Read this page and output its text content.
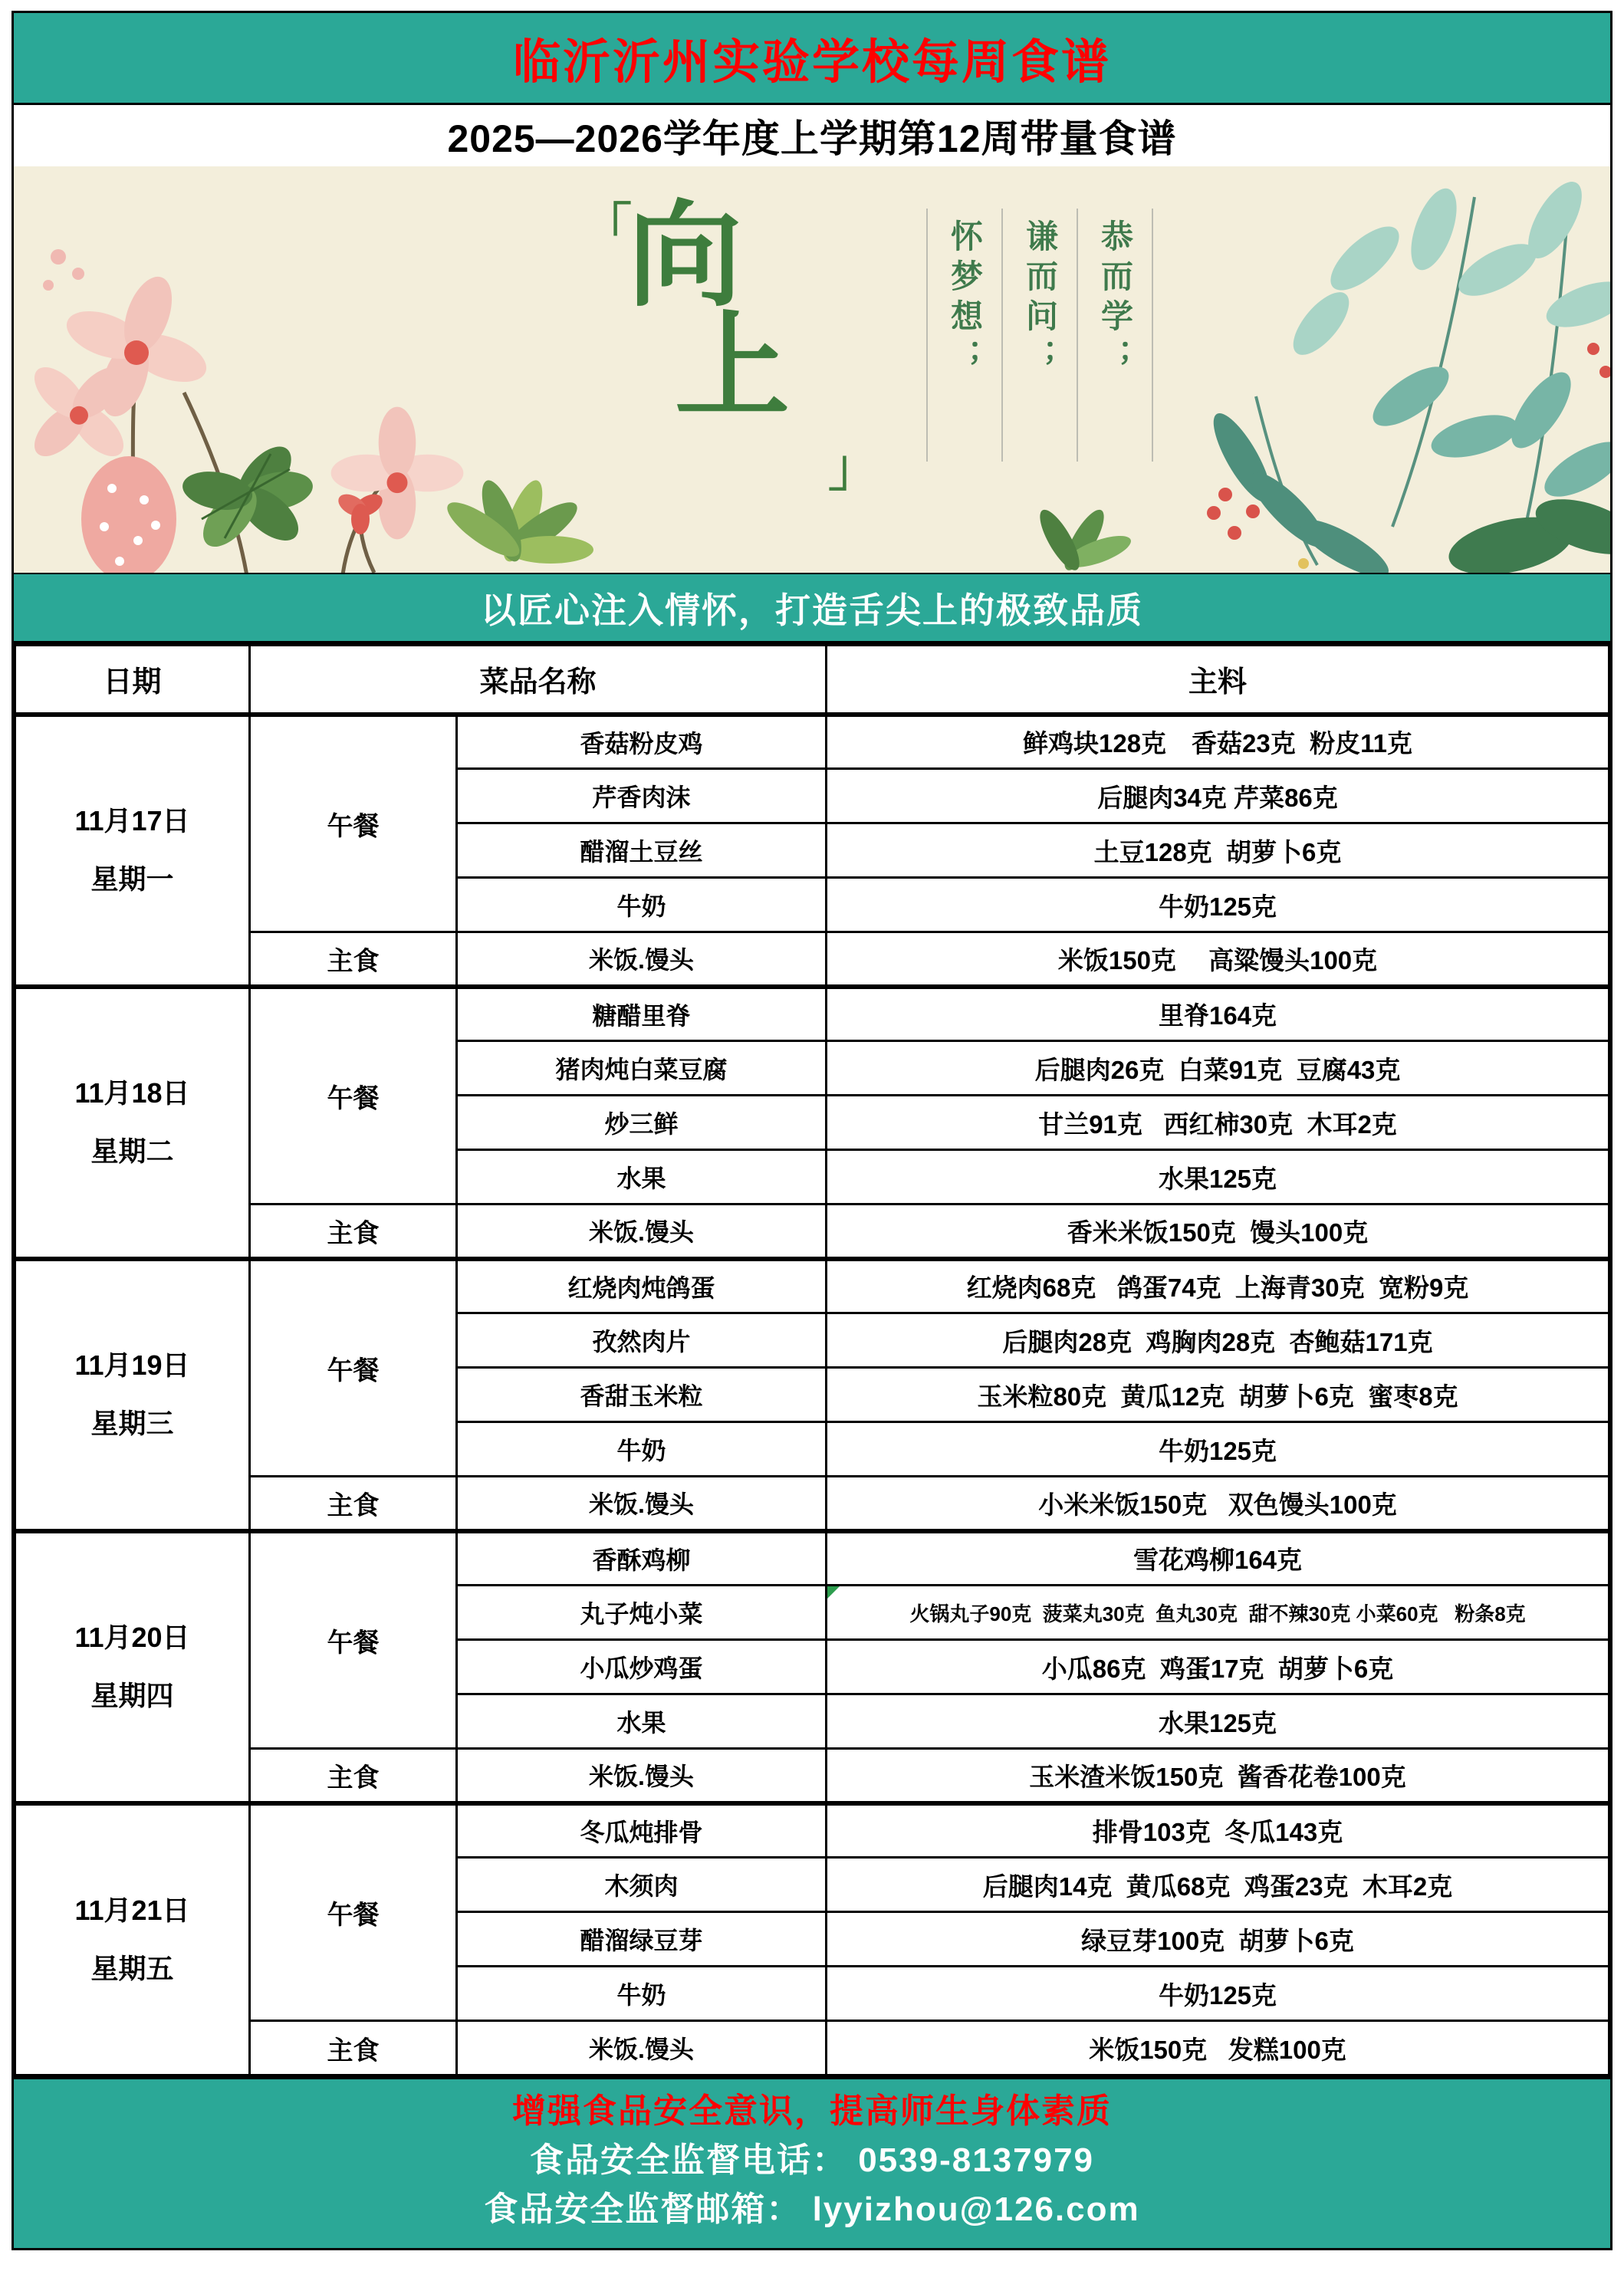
临沂沂州实验学校每周食谱
2025—2026学年度上学期第12周带量食谱
「
向
上
」
怀梦想；	谦而问；	恭而学；
以匠心注入情怀，打造舌尖上的极致品质
日期	菜品名称		主料

11月17日
星期一	午餐	香菇粉皮鸡	鲜鸡块128克　香菇23克  粉皮11克
		芹香肉沫	后腿肉34克 芹菜86克
		醋溜土豆丝	土豆128克  胡萝卜6克
		牛奶	牛奶125克
	主食	米饭.馒头	米饭150克　 高粱馒头100克

11月18日
星期二	午餐	糖醋里脊	里脊164克
		猪肉炖白菜豆腐	后腿肉26克  白菜91克  豆腐43克
		炒三鲜	甘兰91克   西红柿30克  木耳2克
		水果	水果125克
	主食	米饭.馒头	香米米饭150克  馒头100克

11月19日
星期三	午餐	红烧肉炖鸽蛋	红烧肉68克   鸽蛋74克  上海青30克  宽粉9克
		孜然肉片	后腿肉28克  鸡胸肉28克  杏鲍菇171克
		香甜玉米粒	玉米粒80克  黄瓜12克  胡萝卜6克  蜜枣8克
		牛奶	牛奶125克
	主食	米饭.馒头	小米米饭150克   双色馒头100克

11月20日
星期四	午餐	香酥鸡柳	雪花鸡柳164克
		丸子炖小菜	火锅丸子90克  菠菜丸30克  鱼丸30克  甜不辣30克 小菜60克   粉条8克
		小瓜炒鸡蛋	小瓜86克  鸡蛋17克  胡萝卜6克
		水果	水果125克
	主食	米饭.馒头	玉米渣米饭150克  酱香花卷100克

11月21日
星期五	午餐	冬瓜炖排骨	排骨103克  冬瓜143克
		木须肉	后腿肉14克  黄瓜68克  鸡蛋23克  木耳2克
		醋溜绿豆芽	绿豆芽100克  胡萝卜6克
		牛奶	牛奶125克
	主食	米饭.馒头	米饭150克   发糕100克
增强食品安全意识，提高师生身体素质
食品安全监督电话： 0539-8137979
食品安全监督邮箱： lyyizhou@126.com
